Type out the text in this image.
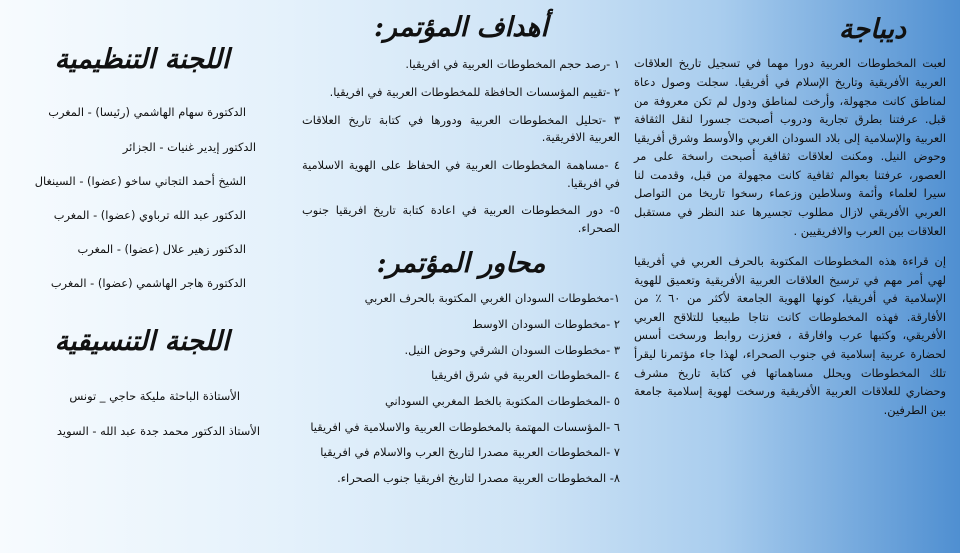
ديباجة

لعبت المخطوطات العربية دورا مهما في تسجيل تاريخ العلاقات العربية الأفريقية وتاريخ الإسلام في أفريقيا. سجلت وصول دعاة لمناطق كانت مجهولة، وأرخت لمناطق ودول لم تكن معروفة من قبل. عرفتنا بطرق تجارية ودروب أصبحت جسورا لنقل الثقافة العربية والإسلامية إلى بلاد السودان الغربي والأوسط وشرق أفريقيا وحوض النيل. ومكنت لعلاقات ثقافية أصبحت راسخة على مر العصور، عرفتنا بعوالم ثقافية كانت مجهولة من قبل، وقدمت لنا سيرا لعلماء وأئمة وسلاطين وزعماء رسخوا تاريخا من التواصل العربي الأفريقي لازال مطلوب تجسيرها عند النظر في مستقبل العلاقات بين العرب والافريقيين .

إن قراءة هذه المخطوطات المكتوبة بالحرف العربي في أفريقيا لهي أمر مهم في ترسيخ العلاقات العربية الأفريقية وتعميق للهوية الإسلامية في أفريقيا، كونها الهوية الجامعة لأكثر من ٦٠ ٪ من الأفارقة. فهذه المخطوطات كانت نتاجا طبيعيا للتلاقح العربي الأفريقي، وكتبها عرب وافارقة ، فعززت روابط ورسخت أسس لحضارة عربية إسلامية في جنوب الصحراء، لهذا جاء مؤتمرنا ليقرأ تلك المخطوطات ويحلل مساهماتها في كتابة تاريخ مشرف وحضاري للعلاقات العربية الأفريقية ورسخت لهوية إسلامية جامعة بين الطرفين.

أهداف المؤتمر:
١ -رصد حجم المخطوطات العربية في افريقيا.
٢ -تقييم المؤسسات الحافظة للمخطوطات العربية في افريقيا.
٣ -تحليل المخطوطات العربية ودورها في كتابة تاريخ العلاقات العربية الافريقية.
٤ -مساهمة المخطوطات العربية في الحفاظ على الهوية الاسلامية في افريقيا.
٥- دور المخطوطات العربية في اعادة كتابة تاريخ افريقيا جنوب الصحراء.
محاور المؤتمر:
١-مخطوطات السودان الغربي المكتوبة بالحرف العربي
٢ -مخطوطات السودان الاوسط
٣ -مخطوطات السودان الشرقي وحوض النيل.
٤ -المخطوطات العربية في شرق افريقيا
٥ -المخطوطات المكتوبة بالخط المغربي السوداني
٦ -المؤسسات المهتمة بالمخطوطات العربية والاسلامية في افريقيا
٧ -المخطوطات العربية مصدرا لتاريخ العرب والاسلام في افريقيا
٨- المخطوطات العربية مصدرا لتاريخ افريقيا جنوب الصحراء.
اللجنة التنظيمية

الدكتورة سهام الهاشمي (رئيسا) - المغرب

الدكتور إيدير غنيات - الجزائر

الشيخ أحمد التجاني ساخو (عضوا) - السينغال

الدكتور عبد الله ترباوي (عضوا) - المغرب

الدكتور زهير علال (عضوا) - المغرب

الدكتورة هاجر الهاشمي (عضوا) - المغرب

اللجنة التنسيقية

الأستاذة الباحثة مليكة حاجي _ تونس

الأستاذ الدكتور محمد جدة عبد الله - السويد
